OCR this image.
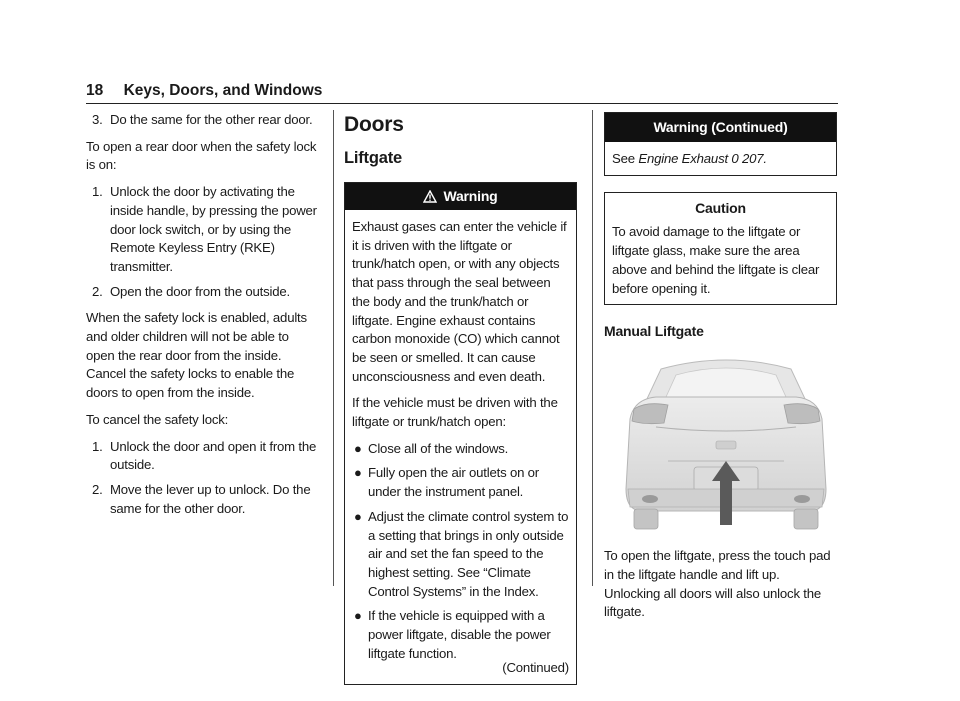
18 Keys, Doors, and Windows
3. Do the same for the other rear door.

To open a rear door when the safety lock is on:

1. Unlock the door by activating the inside handle, by pressing the power door lock switch, or by using the Remote Keyless Entry (RKE) transmitter.
2. Open the door from the outside.

When the safety lock is enabled, adults and older children will not be able to open the rear door from the inside. Cancel the safety locks to enable the doors to open from the inside.

To cancel the safety lock:

1. Unlock the door and open it from the outside.
2. Move the lever up to unlock. Do the same for the other door.
Doors
Liftgate
Warning

Exhaust gases can enter the vehicle if it is driven with the liftgate or trunk/hatch open, or with any objects that pass through the seal between the body and the trunk/hatch or liftgate. Engine exhaust contains carbon monoxide (CO) which cannot be seen or smelled. It can cause unconsciousness and even death.

If the vehicle must be driven with the liftgate or trunk/hatch open:

● Close all of the windows.
● Fully open the air outlets on or under the instrument panel.
● Adjust the climate control system to a setting that brings in only outside air and set the fan speed to the highest setting. See “Climate Control Systems” in the Index.
● If the vehicle is equipped with a power liftgate, disable the power liftgate function.
(Continued)
Warning (Continued)
See Engine Exhaust 0 207.
Caution

To avoid damage to the liftgate or liftgate glass, make sure the area above and behind the liftgate is clear before opening it.

Manual Liftgate

To open the liftgate, press the touch pad in the liftgate handle and lift up. Unlocking all doors will also unlock the liftgate.
